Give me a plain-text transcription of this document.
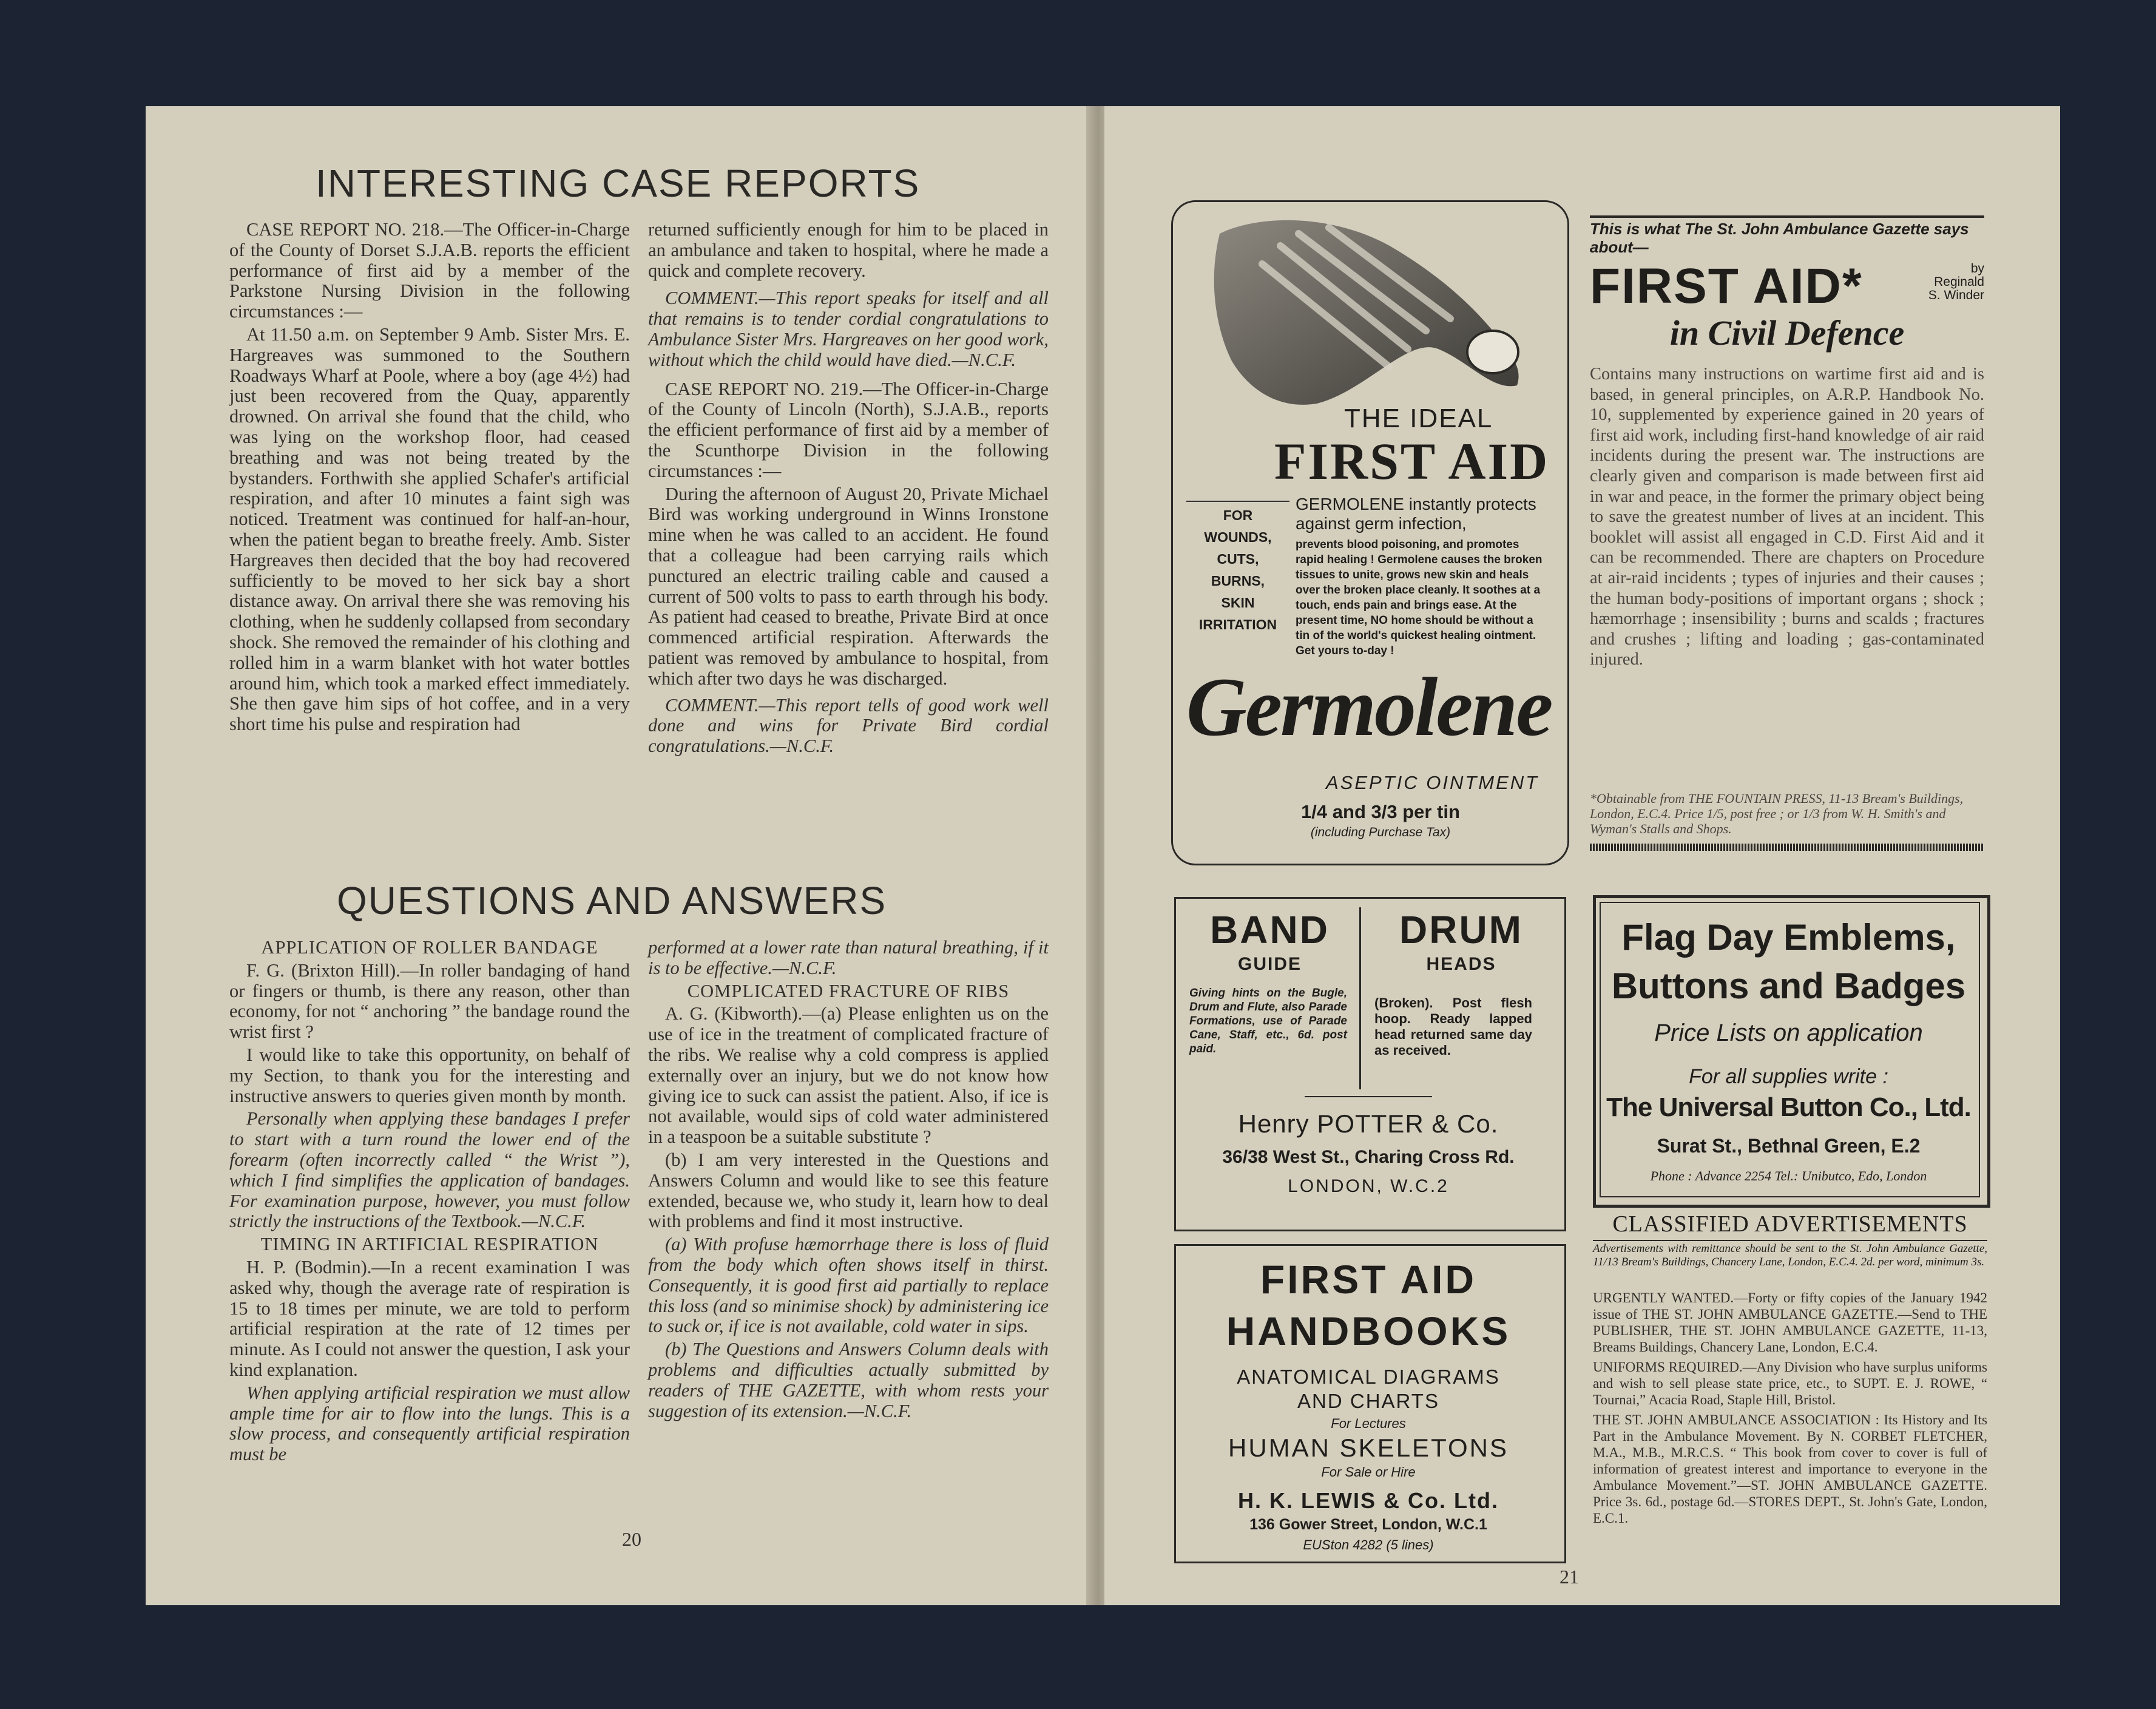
INTERESTING CASE REPORTS

CASE REPORT NO. 218.—The Officer-in-Charge of the County of Dorset S.J.A.B. reports the efficient performance of first aid by a member of the Parkstone Nursing Division in the following circumstances :—

At 11.50 a.m. on September 9 Amb. Sister Mrs. E. Hargreaves was summoned to the Southern Roadways Wharf at Poole, where a boy (age 4½) had just been recovered from the Quay, apparently drowned. On arrival she found that the child, who was lying on the workshop floor, had ceased breathing and was not being treated by the bystanders. Forthwith she applied Schafer's artificial respiration, and after 10 minutes a faint sigh was noticed. Treatment was continued for half-an-hour, when the patient began to breathe freely. Amb. Sister Hargreaves then decided that the boy had recovered sufficiently to be moved to her sick bay a short distance away. On arrival there she was removing his clothing, when he suddenly collapsed from secondary shock. She removed the remainder of his clothing and rolled him in a warm blanket with hot water bottles around him, which took a marked effect immediately. She then gave him sips of hot coffee, and in a very short time his pulse and respiration had

returned sufficiently enough for him to be placed in an ambulance and taken to hospital, where he made a quick and complete recovery.

COMMENT.—This report speaks for itself and all that remains is to tender cordial congratulations to Ambulance Sister Mrs. Hargreaves on her good work, without which the child would have died.—N.C.F.

CASE REPORT NO. 219.—The Officer-in-Charge of the County of Lincoln (North), S.J.A.B., reports the efficient performance of first aid by a member of the Scunthorpe Division in the following circumstances :—

During the afternoon of August 20, Private Michael Bird was working underground in Winns Ironstone mine when he was called to an accident. He found that a colleague had been carrying rails which punctured an electric trailing cable and caused a current of 500 volts to pass to earth through his body. As patient had ceased to breathe, Private Bird at once commenced artificial respiration. Afterwards the patient was removed by ambulance to hospital, from which after two days he was discharged.

COMMENT.—This report tells of good work well done and wins for Private Bird cordial congratulations.—N.C.F.

QUESTIONS AND ANSWERS

APPLICATION OF ROLLER BANDAGE

F. G. (Brixton Hill).—In roller bandaging of hand or fingers or thumb, is there any reason, other than economy, for not “ anchoring ” the bandage round the wrist first ?

I would like to take this opportunity, on behalf of my Section, to thank you for the interesting and instructive answers to queries given month by month.

Personally when applying these bandages I prefer to start with a turn round the lower end of the forearm (often incorrectly called “ the Wrist ”), which I find simplifies the application of bandages. For examination purpose, however, you must follow strictly the instructions of the Textbook.—N.C.F.

TIMING IN ARTIFICIAL RESPIRATION

H. P. (Bodmin).—In a recent examination I was asked why, though the average rate of respiration is 15 to 18 times per minute, we are told to perform artificial respiration at the rate of 12 times per minute. As I could not answer the question, I ask your kind explanation.

When applying artificial respiration we must allow ample time for air to flow into the lungs. This is a slow process, and consequently artificial respiration must be

performed at a lower rate than natural breathing, if it is to be effective.—N.C.F.

COMPLICATED FRACTURE OF RIBS

A. G. (Kibworth).—(a) Please enlighten us on the use of ice in the treatment of complicated fracture of the ribs. We realise why a cold compress is applied externally over an injury, but we do not know how giving ice to suck can assist the patient. Also, if ice is not available, would sips of cold water administered in a teaspoon be a suitable substitute ?

(b) I am very interested in the Questions and Answers Column and would like to see this feature extended, because we, who study it, learn how to deal with problems and find it most instructive.

(a) With profuse hæmorrhage there is loss of fluid from the body which often shows itself in thirst. Consequently, it is good first aid partially to replace this loss (and so minimise shock) by administering ice to suck or, if ice is not available, cold water in sips.

(b) The Questions and Answers Column deals with problems and difficulties actually submitted by readers of THE GAZETTE, with whom rests your suggestion of its extension.—N.C.F.

20
THE IDEAL
FIRST AID
FOR
WOUNDS,
CUTS,
BURNS,
SKIN
IRRITATION
GERMOLENE instantly protects against germ infection,
prevents blood poisoning, and promotes rapid healing ! Germolene causes the broken tissues to unite, grows new skin and heals over the broken place cleanly. It soothes at a touch, ends pain and brings ease. At the present time, NO home should be without a tin of the world's quickest healing ointment. Get yours to-day !
Germolene
ASEPTIC OINTMENT
1/4 and 3/3 per tin
(including Purchase Tax)
This is what The St. John Ambulance Gazette says about—
FIRST AID*	by
Reginald
S. Winder
in Civil Defence
Contains many instructions on wartime first aid and is based, in general principles, on A.R.P. Handbook No. 10, supplemented by experience gained in 20 years of first aid work, including first-hand knowledge of air raid incidents during the present war. The instructions are clearly given and comparison is made between first aid in war and peace, in the former the primary object being to save the greatest number of lives at an incident. This booklet will assist all engaged in C.D. First Aid and it can be recommended. There are chapters on Procedure at air-raid incidents ; types of injuries and their causes ; the human body-positions of important organs ; shock ; hæmorrhage ; insensibility ; burns and scalds ; fractures and crushes ; lifting and loading ; gas-contaminated injured.
*Obtainable from THE FOUNTAIN PRESS, 11-13 Bream's Buildings, London, E.C.4. Price 1/5, post free ; or 1/3 from W. H. Smith's and Wyman's Stalls and Shops.
BAND
GUIDE
Giving hints on the Bugle, Drum and Flute, also Parade Formations, use of Parade Cane, Staff, etc., 6d. post paid.
DRUM
HEADS
(Broken). Post flesh hoop. Ready lapped head returned same day as received.
Henry POTTER & Co.
36/38 West St., Charing Cross Rd.
LONDON, W.C.2
FIRST AID
HANDBOOKS
ANATOMICAL DIAGRAMS
AND CHARTS
For Lectures
HUMAN SKELETONS
For Sale or Hire
H. K. LEWIS & Co. Ltd.
136 Gower Street, London, W.C.1
EUSton 4282 (5 lines)
Flag Day Emblems,
Buttons and Badges
Price Lists on application
For all supplies write :
The Universal Button Co., Ltd.
Surat St., Bethnal Green, E.2
Phone : Advance 2254 Tel.: Unibutco, Edo, London
CLASSIFIED ADVERTISEMENTS
Advertisements with remittance should be sent to the St. John Ambulance Gazette, 11/13 Bream's Buildings, Chancery Lane, London, E.C.4. 2d. per word, minimum 3s.

URGENTLY WANTED.—Forty or fifty copies of the January 1942 issue of THE ST. JOHN AMBULANCE GAZETTE.—Send to THE PUBLISHER, THE ST. JOHN AMBULANCE GAZETTE, 11-13, Breams Buildings, Chancery Lane, London, E.C.4.

UNIFORMS REQUIRED.—Any Division who have surplus uniforms and wish to sell please state price, etc., to SUPT. E. J. ROWE, “ Tournai,” Acacia Road, Staple Hill, Bristol.

THE ST. JOHN AMBULANCE ASSOCIATION : Its History and Its Part in the Ambulance Movement. By N. CORBET FLETCHER, M.A., M.B., M.R.C.S. “ This book from cover to cover is full of information of greatest interest and importance to everyone in the Ambulance Movement.”—ST. JOHN AMBULANCE GAZETTE. Price 3s. 6d., postage 6d.—STORES DEPT., St. John's Gate, London, E.C.1.

21
